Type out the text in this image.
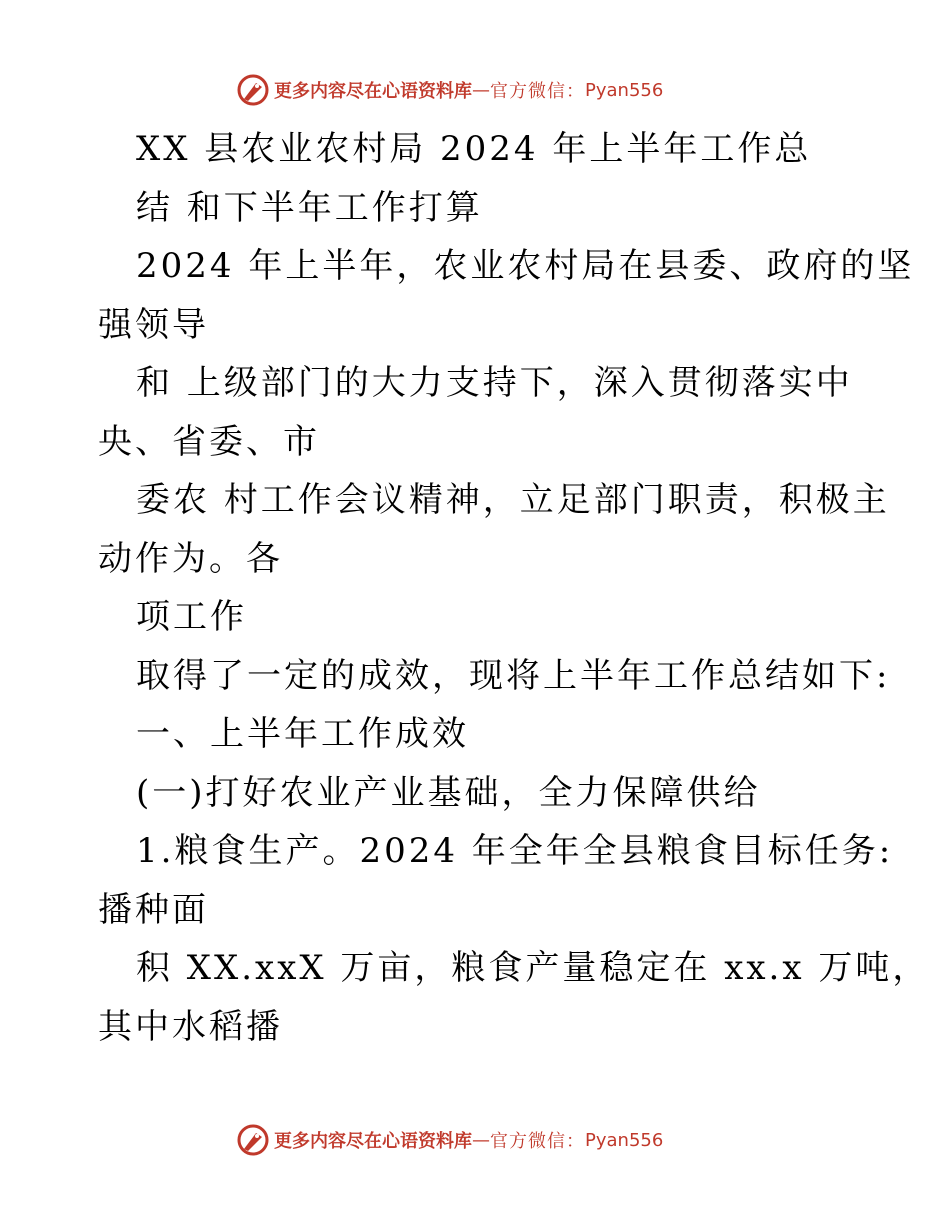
更多内容尽在心语资料库 — 官方微信： Pyan556
XX 县农业农村局 2024 年上半年工作总
结 和下半年工作打算
2024 年上半年，农业农村局在县委、政府的坚
强领导
和 上级部门的大力支持下，深入贯彻落实中
央、省委、市
委农 村工作会议精神，立足部门职责，积极主
动作为。各
项工作
取得了一定的成效，现将上半年工作总结如下:
一、上半年工作成效
(一)打好农业产业基础，全力保障供给
1.粮食生产。2024 年全年全县粮食目标任务:
播种面
积 XX.xxX 万亩，粮食产量稳定在 xx.x 万吨，
其中水稻播
更多内容尽在心语资料库 — 官方微信： Pyan556
